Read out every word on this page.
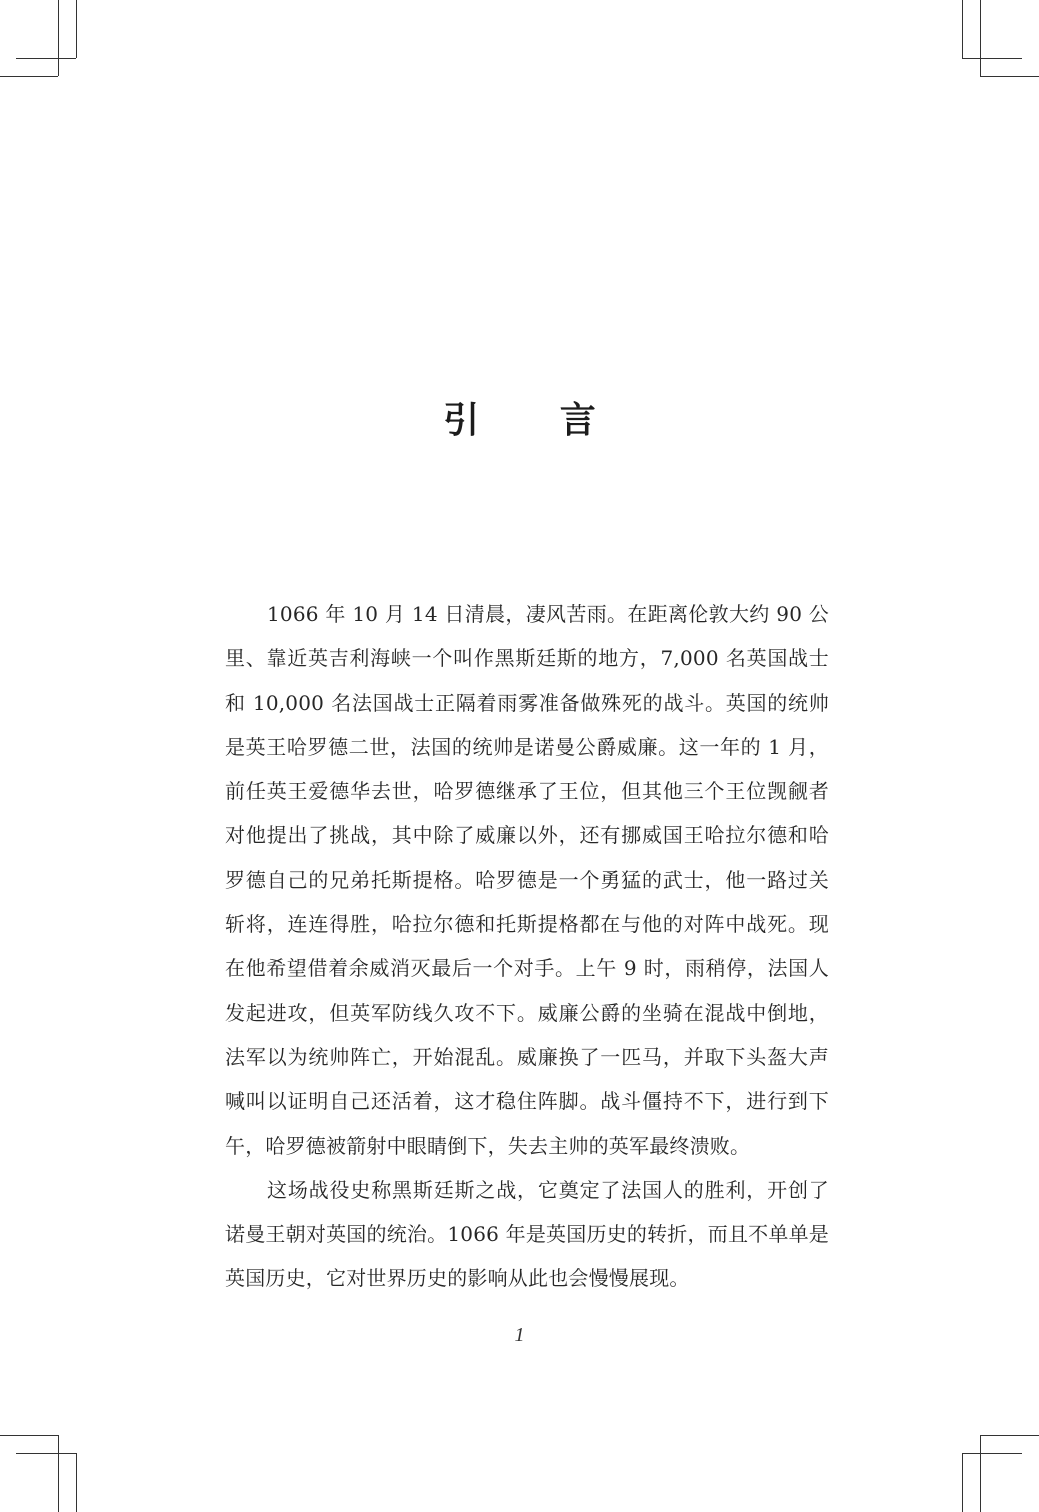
引 言

1066 年 10 月 14 日清晨，凄风苦雨。在距离伦敦大约 90 公里、靠近英吉利海峡一个叫作黑斯廷斯的地方，7,000 名英国战士和 10,000 名法国战士正隔着雨雾准备做殊死的战斗。英国的统帅是英王哈罗德二世，法国的统帅是诺曼公爵威廉。这一年的 1 月，前任英王爱德华去世，哈罗德继承了王位，但其他三个王位觊觎者对他提出了挑战，其中除了威廉以外，还有挪威国王哈拉尔德和哈罗德自己的兄弟托斯提格。哈罗德是一个勇猛的武士，他一路过关斩将，连连得胜，哈拉尔德和托斯提格都在与他的对阵中战死。现在他希望借着余威消灭最后一个对手。上午 9 时，雨稍停，法国人发起进攻，但英军防线久攻不下。威廉公爵的坐骑在混战中倒地，法军以为统帅阵亡，开始混乱。威廉换了一匹马，并取下头盔大声喊叫以证明自己还活着，这才稳住阵脚。战斗僵持不下，进行到下午，哈罗德被箭射中眼睛倒下，失去主帅的英军最终溃败。

这场战役史称黑斯廷斯之战，它奠定了法国人的胜利，开创了诺曼王朝对英国的统治。1066 年是英国历史的转折，而且不单单是英国历史，它对世界历史的影响从此也会慢慢展现。

1
